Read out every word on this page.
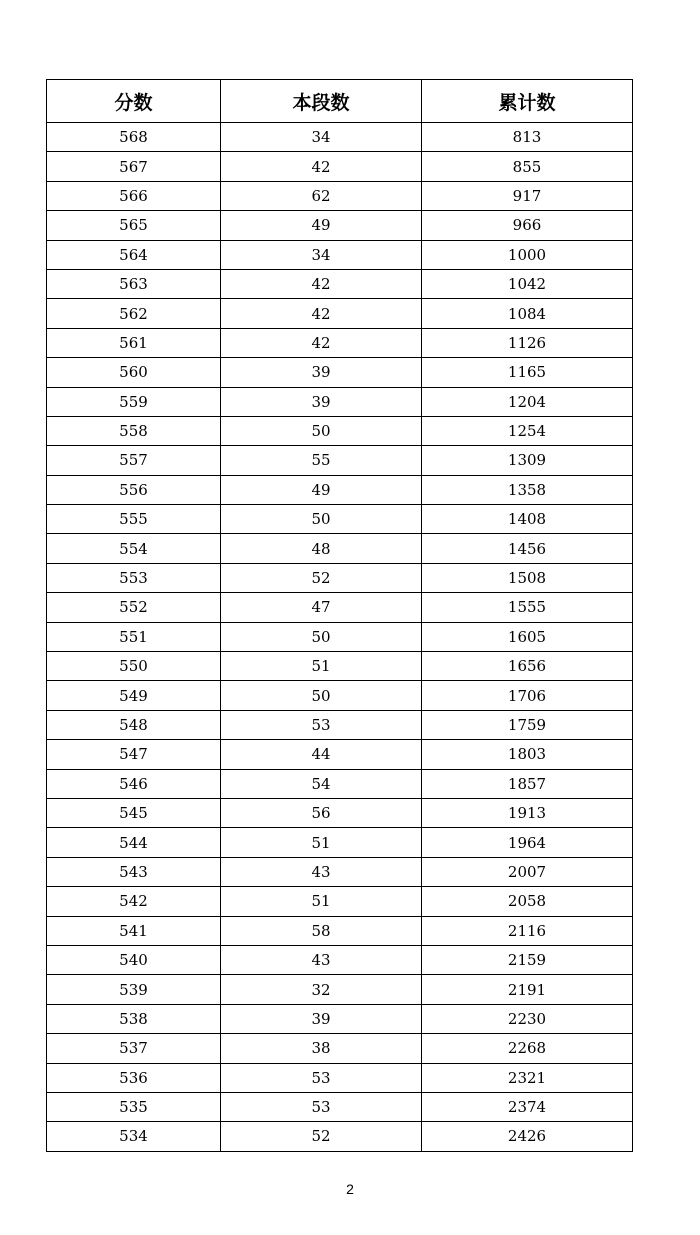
分数	本段数	累计数
568	34	813
567	42	855
566	62	917
565	49	966
564	34	1000
563	42	1042
562	42	1084
561	42	1126
560	39	1165
559	39	1204
558	50	1254
557	55	1309
556	49	1358
555	50	1408
554	48	1456
553	52	1508
552	47	1555
551	50	1605
550	51	1656
549	50	1706
548	53	1759
547	44	1803
546	54	1857
545	56	1913
544	51	1964
543	43	2007
542	51	2058
541	58	2116
540	43	2159
539	32	2191
538	39	2230
537	38	2268
536	53	2321
535	53	2374
534	52	2426
2
